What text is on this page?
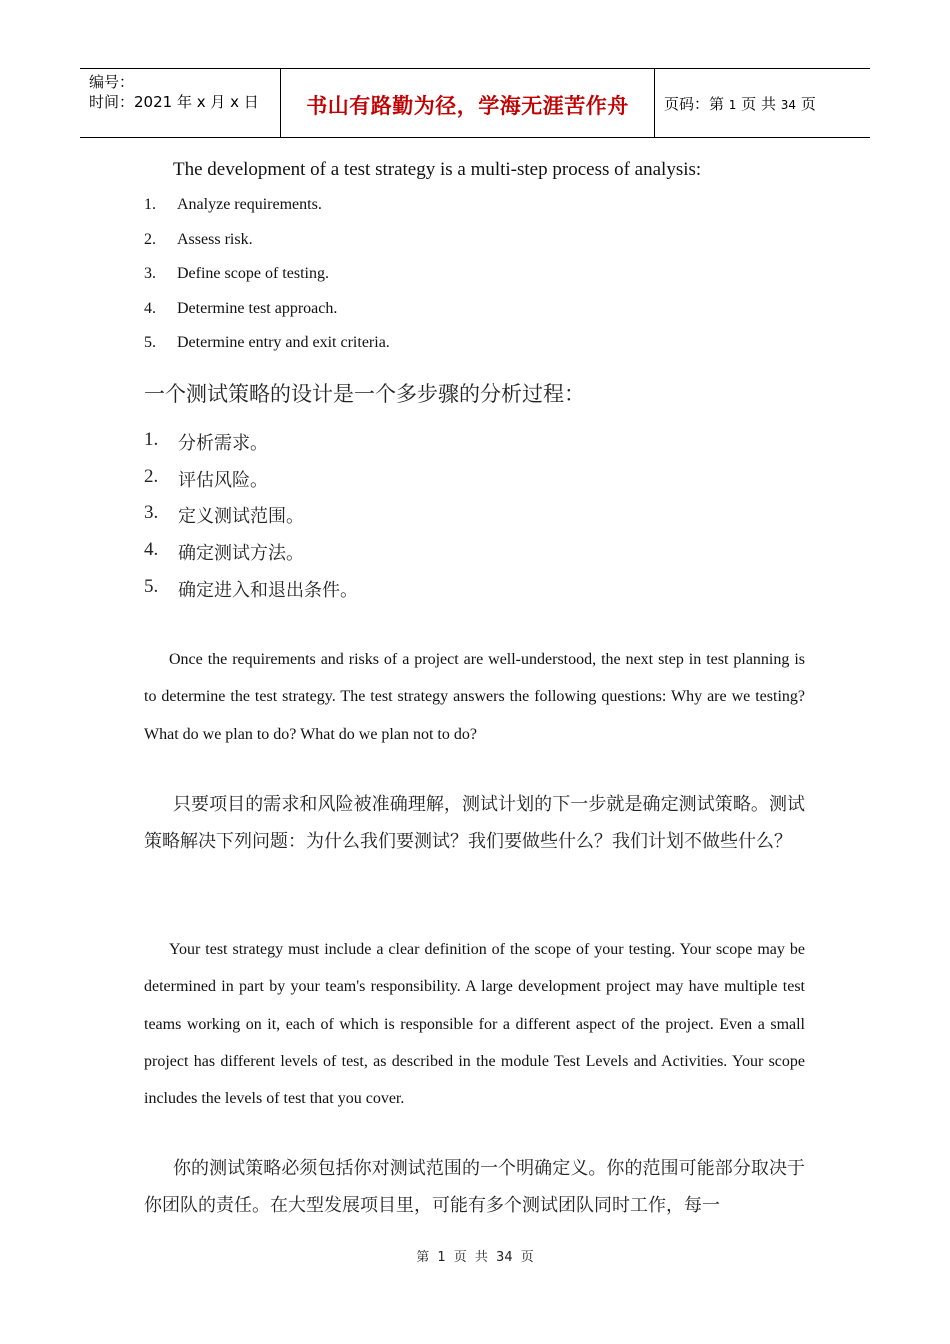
编号：
时间：2021 年 x 月 x 日	书山有路勤为径，学海无涯苦作舟	页码：第 1 页 共 34 页
The development of a test strategy is a multi-step process of analysis:
1. Analyze requirements.
2. Assess risk.
3. Define scope of testing.
4. Determine test approach.
5. Determine entry and exit criteria.
一个测试策略的设计是一个多步骤的分析过程：
1. 分析需求。
2. 评估风险。
3. 定义测试范围。
4. 确定测试方法。
5. 确定进入和退出条件。

Once the requirements and risks of a project are well-understood, the next step in test planning is to determine the test strategy. The test strategy answers the following questions: Why are we testing? What do we plan to do? What do we plan not to do?

只要项目的需求和风险被准确理解，测试计划的下一步就是确定测试策略。测试策略解决下列问题：为什么我们要测试？我们要做些什么？我们计划不做些什么？

Your test strategy must include a clear definition of the scope of your testing. Your scope may be determined in part by your team's responsibility. A large development project may have multiple test teams working on it, each of which is responsible for a different aspect of the project. Even a small project has different levels of test, as described in the module Test Levels and Activities. Your scope includes the levels of test that you cover.

你的测试策略必须包括你对测试范围的一个明确定义。你的范围可能部分取决于你团队的责任。在大型发展项目里，可能有多个测试团队同时工作，每一

第 1 页 共 34 页
